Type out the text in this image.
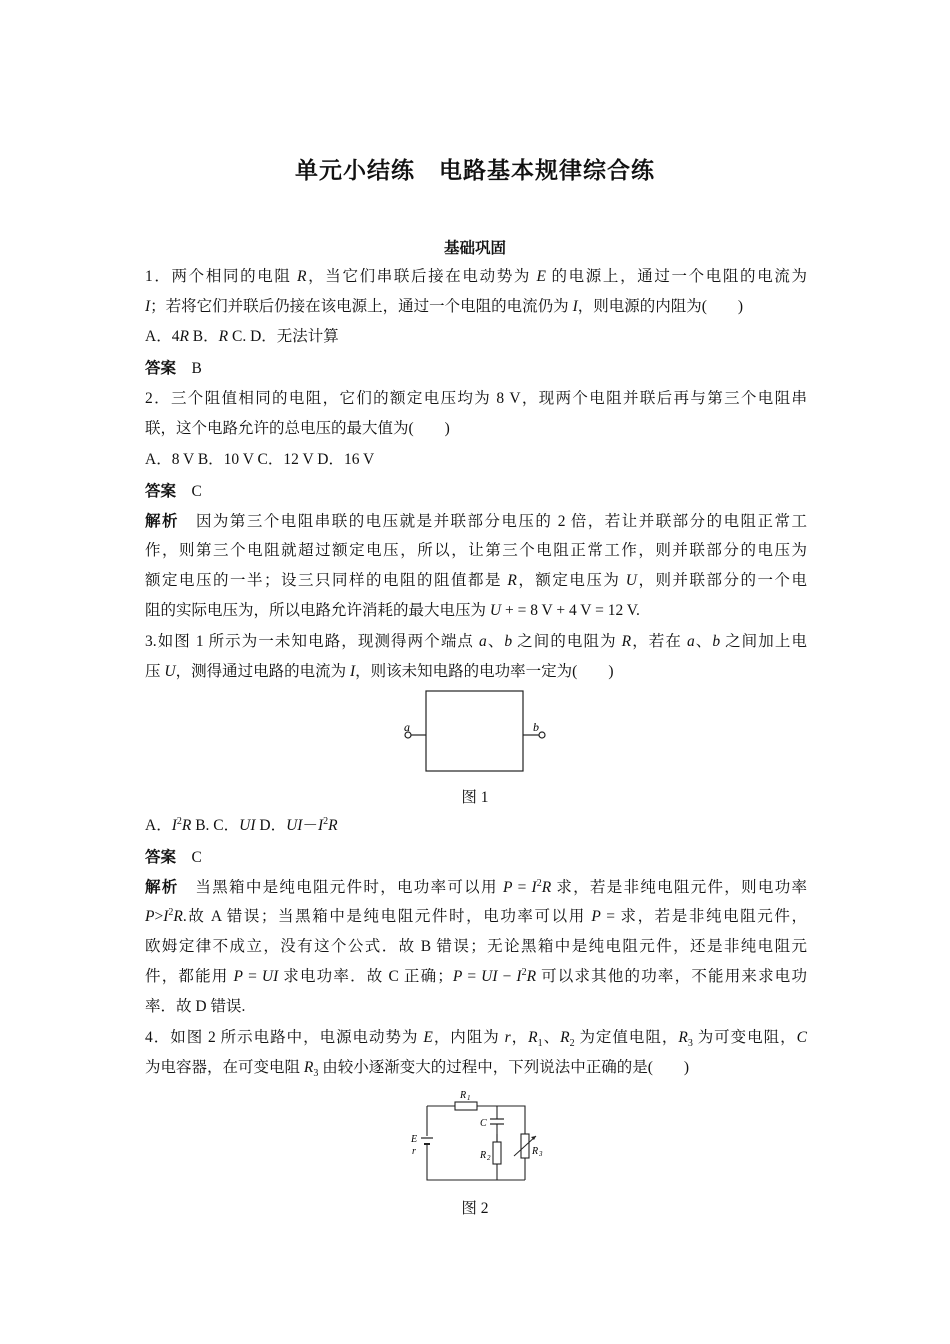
单元小结练　电路基本规律综合练
基础巩固
1．两个相同的电阻 R，当它们串联后接在电动势为 E 的电源上，通过一个电阻的电流为
I；若将它们并联后仍接在该电源上，通过一个电阻的电流仍为 I，则电源的内阻为(　　)
A．4R B．R C. D．无法计算
答案　 B
2．三个阻值相同的电阻，它们的额定电压均为 8 V，现两个电阻并联后再与第三个电阻串
联，这个电路允许的总电压的最大值为(　　)
A．8 V B．10 V C．12 V D．16 V
答案　 C
解析　 因为第三个电阻串联的电压就是并联部分电压的 2 倍，若让并联部分的电阻正常工
作，则第三个电阻就超过额定电压，所以，让第三个电阻正常工作，则并联部分的电压为
额定电压的一半；设三只同样的电阻的阻值都是 R，额定电压为 U，则并联部分的一个电
阻的实际电压为，所以电路允许消耗的最大电压为 U + = 8 V + 4 V = 12 V.
3.如图 1 所示为一未知电路，现测得两个端点 a、b 之间的电阻为 R，若在 a、b 之间加上电
压 U，测得通过电路的电流为 I，则该未知电路的电功率一定为(　　)
a	b
图 1
A．$I^2R$ B. C．UI D．$UI-I^2R$
答案　 C
解析　 当黑箱中是纯电阻元件时，电功率可以用 $P = I^2R$ 求，若是非纯电阻元件，则电功率
$P>I^2R$.故 A 错误；当黑箱中是纯电阻元件时，电功率可以用 P = 求，若是非纯电阻元件，
欧姆定律不成立，没有这个公式．故 B 错误；无论黑箱中是纯电阻元件，还是非纯电阻元
件，都能用 P = UI 求电功率．故 C 正确；P = UI − $I^2R$ 可以求其他的功率，不能用来求电功
率．故 D 错误.
4．如图 2 所示电路中，电源电动势为 E，内阻为 r，$R_1$、$R_2$ 为定值电阻，$R_3$ 为可变电阻，C
为电容器，在可变电阻 $R_3$ 由较小逐渐变大的过程中，下列说法中正确的是(　　)
R 1
C
R 2
R 3
E
r
图 2
